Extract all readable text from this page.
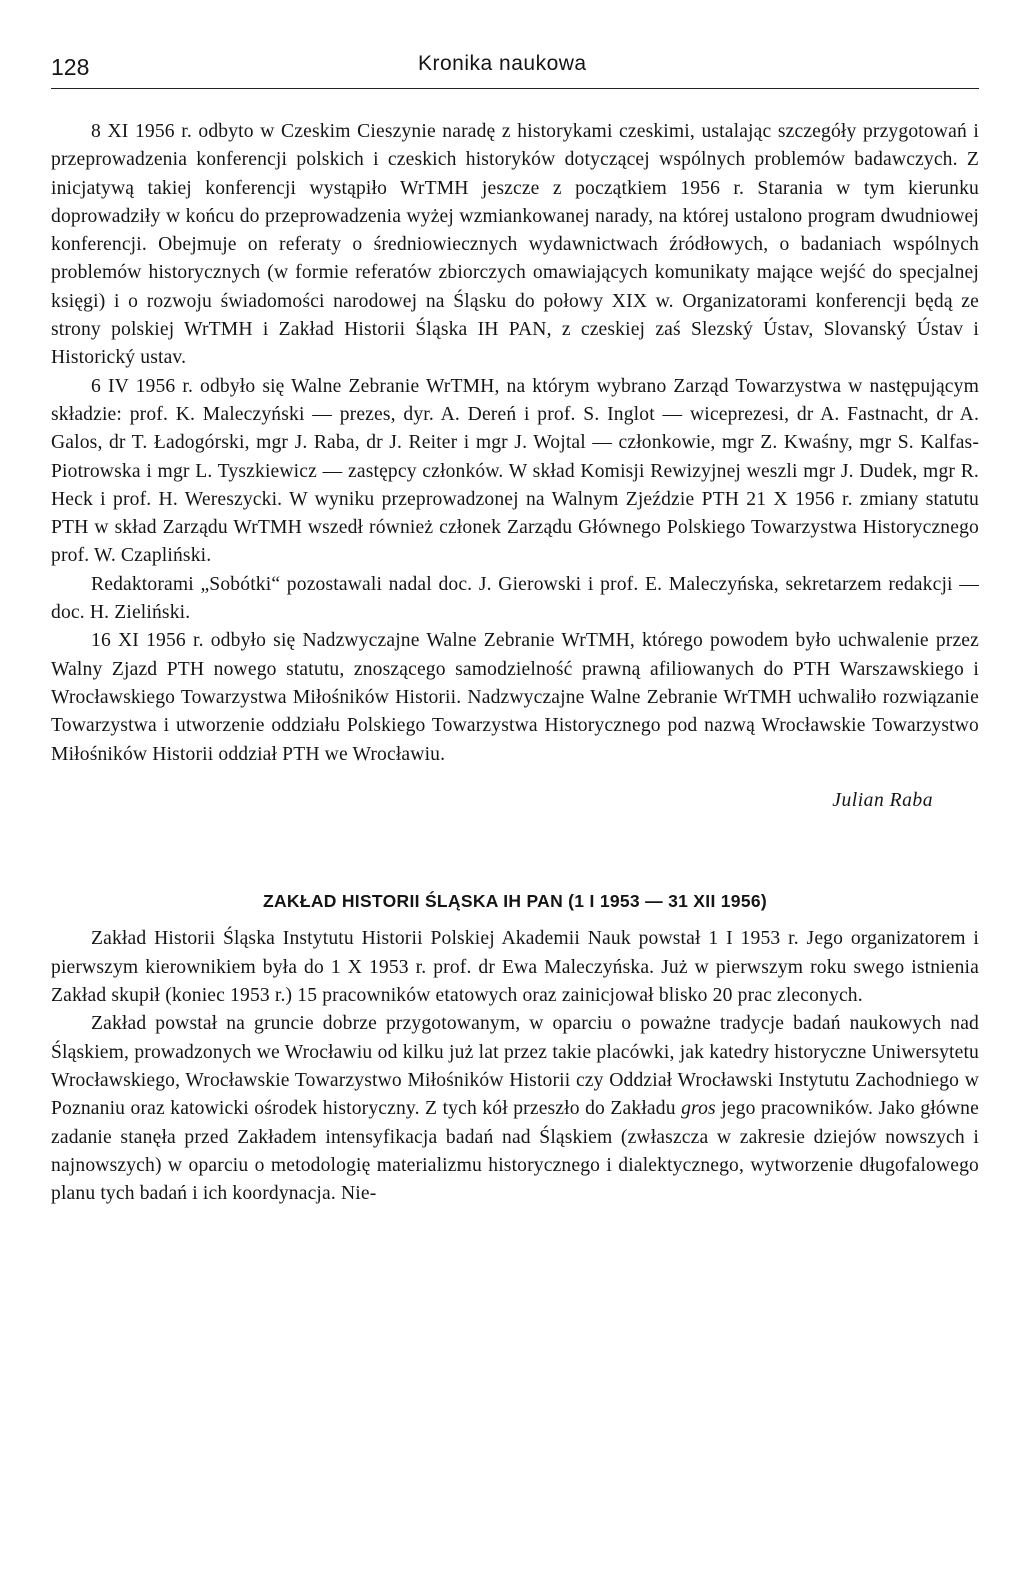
128	Kronika naukowa

8 XI 1956 r. odbyto w Czeskim Cieszynie naradę z historykami czeskimi, ustalając szczegóły przygotowań i przeprowadzenia konferencji polskich i czeskich historyków dotyczącej wspólnych problemów badawczych. Z inicjatywą takiej konferencji wystąpiło WrTMH jeszcze z początkiem 1956 r. Starania w tym kierunku doprowadziły w końcu do przeprowadzenia wyżej wzmiankowanej narady, na której ustalono program dwudniowej konferencji. Obejmuje on referaty o średniowiecznych wydawnictwach źródłowych, o badaniach wspólnych problemów historycznych (w formie referatów zbiorczych omawiających komunikaty mające wejść do specjalnej księgi) i o rozwoju świadomości narodowej na Śląsku do połowy XIX w. Organizatorami konferencji będą ze strony polskiej WrTMH i Zakład Historii Śląska IH PAN, z czeskiej zaś Slezský Ústav, Slovanský Ústav i Historický ustav.

6 IV 1956 r. odbyło się Walne Zebranie WrTMH, na którym wybrano Zarząd Towarzystwa w następującym składzie: prof. K. Maleczyński — prezes, dyr. A. Dereń i prof. S. Inglot — wiceprezesi, dr A. Fastnacht, dr A. Galos, dr T. Ładogórski, mgr J. Raba, dr J. Reiter i mgr J. Wojtal — członkowie, mgr Z. Kwaśny, mgr S. Kalfas-Piotrowska i mgr L. Tyszkiewicz — zastępcy członków. W skład Komisji Rewizyjnej weszli mgr J. Dudek, mgr R. Heck i prof. H. Wereszycki. W wyniku przeprowadzonej na Walnym Zjeździe PTH 21 X 1956 r. zmiany statutu PTH w skład Zarządu WrTMH wszedł również członek Zarządu Głównego Polskiego Towarzystwa Historycznego prof. W. Czapliński.

Redaktorami „Sobótki“ pozostawali nadal doc. J. Gierowski i prof. E. Maleczyńska, sekretarzem redakcji — doc. H. Zieliński.

16 XI 1956 r. odbyło się Nadzwyczajne Walne Zebranie WrTMH, którego powodem było uchwalenie przez Walny Zjazd PTH nowego statutu, znoszącego samodzielność prawną afiliowanych do PTH Warszawskiego i Wrocławskiego Towarzystwa Miłośników Historii. Nadzwyczajne Walne Zebranie WrTMH uchwaliło rozwiązanie Towarzystwa i utworzenie oddziału Polskiego Towarzystwa Historycznego pod nazwą Wrocławskie Towarzystwo Miłośników Historii oddział PTH we Wrocławiu.

Julian Raba
ZAKŁAD HISTORII ŚLĄSKA IH PAN (1 I 1953 — 31 XII 1956)

Zakład Historii Śląska Instytutu Historii Polskiej Akademii Nauk powstał 1 I 1953 r. Jego organizatorem i pierwszym kierownikiem była do 1 X 1953 r. prof. dr Ewa Maleczyńska. Już w pierwszym roku swego istnienia Zakład skupił (koniec 1953 r.) 15 pracowników etatowych oraz zainicjował blisko 20 prac zleconych.

Zakład powstał na gruncie dobrze przygotowanym, w oparciu o poważne tradycje badań naukowych nad Śląskiem, prowadzonych we Wrocławiu od kilku już lat przez takie placówki, jak katedry historyczne Uniwersytetu Wrocławskiego, Wrocławskie Towarzystwo Miłośników Historii czy Oddział Wrocławski Instytutu Zachodniego w Poznaniu oraz katowicki ośrodek historyczny. Z tych kół przeszło do Zakładu gros jego pracowników. Jako główne zadanie stanęła przed Zakładem intensyfikacja badań nad Śląskiem (zwłaszcza w zakresie dziejów nowszych i najnowszych) w oparciu o metodologię materializmu historycznego i dialektycznego, wytworzenie długofalowego planu tych badań i ich koordynacja. Nie-
